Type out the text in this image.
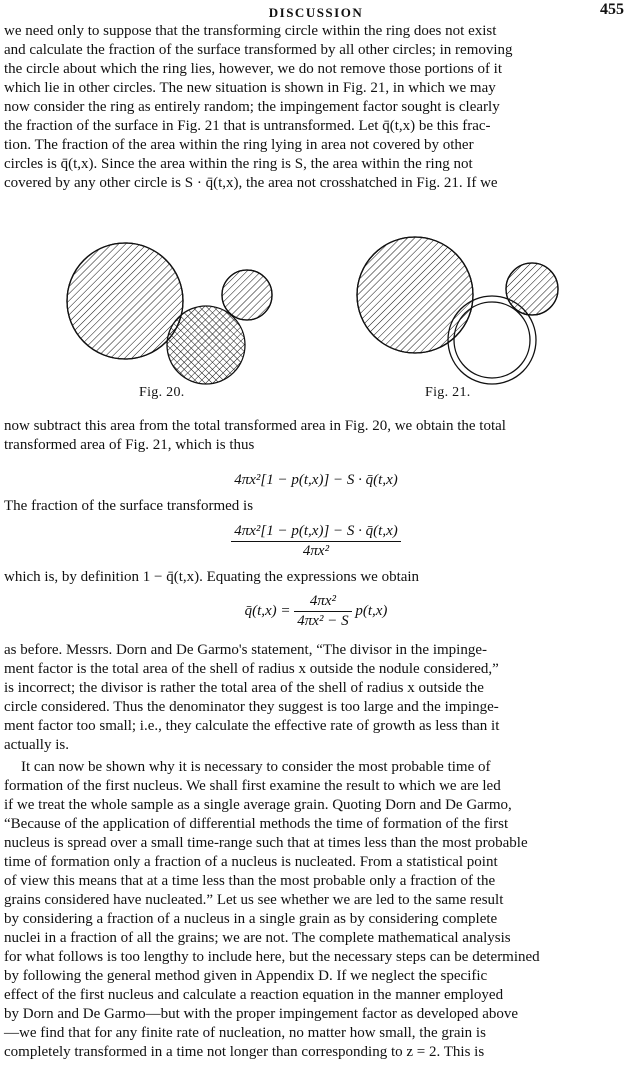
DISCUSSION	455

we need only to suppose that the transforming circle within the ring does not exist

and calculate the fraction of the surface transformed by all other circles; in removing

the circle about which the ring lies, however, we do not remove those portions of it

which lie in other circles. The new situation is shown in Fig. 21, in which we may

now consider the ring as entirely random; the impingement factor sought is clearly

the fraction of the surface in Fig. 21 that is untransformed. Let q̄(t,x) be this frac-

tion. The fraction of the area within the ring lying in area not covered by other

circles is q̄(t,x). Since the area within the ring is S, the area within the ring not

covered by any other circle is S · q̄(t,x), the area not crosshatched in Fig. 21. If we

Fig. 20.	Fig. 21.

now subtract this area from the total transformed area in Fig. 20, we obtain the total

transformed area of Fig. 21, which is thus

4πx²[1 − p(t,x)] − S · q̄(t,x)

The fraction of the surface transformed is

$\frac{\text{4πx²[1 − p(t,x)] − S · q̄(t,x)}}{\text{4πx²}}$

which is, by definition 1 − q̄(t,x). Equating the expressions we obtain

q̄(t,x) = $\frac{\text{4πx²}}{\text{4πx² − S}} p(t,x)$

as before. Messrs. Dorn and De Garmo's statement, “The divisor in the impinge-

ment factor is the total area of the shell of radius x outside the nodule considered,”

is incorrect; the divisor is rather the total area of the shell of radius x outside the

circle considered. Thus the denominator they suggest is too large and the impinge-

ment factor too small; i.e., they calculate the effective rate of growth as less than it

actually is.

It can now be shown why it is necessary to consider the most probable time of

formation of the first nucleus. We shall first examine the result to which we are led

if we treat the whole sample as a single average grain. Quoting Dorn and De Garmo,

“Because of the application of differential methods the time of formation of the first

nucleus is spread over a small time-range such that at times less than the most probable

time of formation only a fraction of a nucleus is nucleated. From a statistical point

of view this means that at a time less than the most probable only a fraction of the

grains considered have nucleated.” Let us see whether we are led to the same result

by considering a fraction of a nucleus in a single grain as by considering complete

nuclei in a fraction of all the grains; we are not. The complete mathematical analysis

for what follows is too lengthy to include here, but the necessary steps can be determined

by following the general method given in Appendix D. If we neglect the specific

effect of the first nucleus and calculate a reaction equation in the manner employed

by Dorn and De Garmo—but with the proper impingement factor as developed above

—we find that for any finite rate of nucleation, no matter how small, the grain is

completely transformed in a time not longer than corresponding to z = 2. This is
